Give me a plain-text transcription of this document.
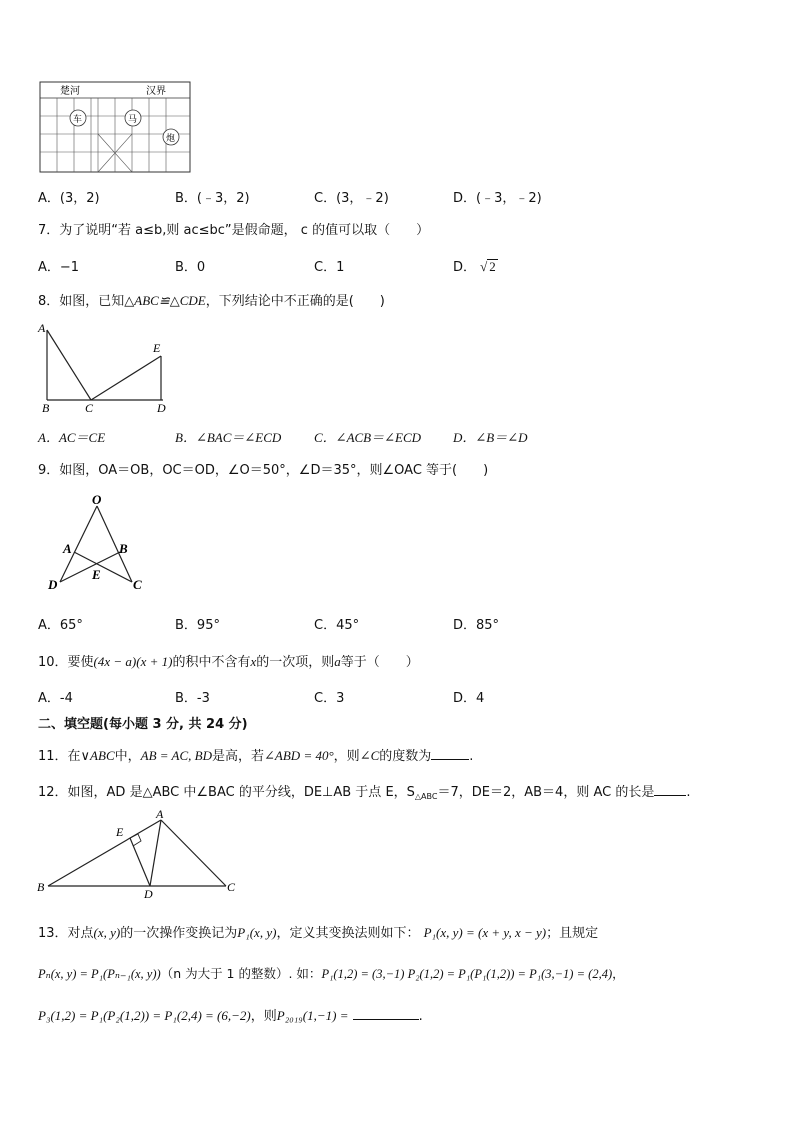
楚河	汉界
车	马
炮
A．(3，2)	B．(﹣3，2)	C．(3，﹣2)	D．(﹣3，﹣2)
7．为了说明“若 a≤b,则 ac≤bc”是假命题， c 的值可以取（　　）
A．−1	B．0	C．1	D． √ 2
8．如图，已知△ABC≌△CDE，下列结论中不正确的是(　　)
A
B	C	D
E
A．AC＝CE	B．∠BAC＝∠ECD	C．∠ACB＝∠ECD D．∠B＝∠D
9．如图，OA＝OB，OC＝OD，∠O＝50°，∠D＝35°，则∠OAC 等于(　　)
O
A	B
E
D	C
A．65°	B．95°	C．45°	D．85°
10．要使(4x − a)(x + 1)的积中不含有x的一次项，则a等于（　　）
A．-4	B．-3	C．3	D．4
二、填空题(每小题 3 分, 共 24 分)
11．在∨ABC中，AB = AC, BD是高，若∠ABD = 40°，则∠C的度数为	.
12．如图，AD 是△ABC 中∠BAC 的平分线，DE⊥AB 于点 E，$S_{\triangle ABC}=7$，DE＝2，AB＝4，则 AC 的长是 .
A
B	C
D
E
13．对点(x, y)的一次操作变换记为P₁(x, y)，定义其变换法则如下： P₁(x, y) = (x + y, x − y)；且规定
Pₙ(x, y) = P₁(Pₙ₋₁(x, y))（n 为大于 1 的整数）. 如：P₁(1,2) = (3,−1) P₂(1,2) = P₁(P₁(1,2)) = P₁(3,−1) = (2,4)，
P₃(1,2) = P₁(P₂(1,2)) = P₁(2,4) = (6,−2)，则P₂₀₁₉(1,−1) =	.
